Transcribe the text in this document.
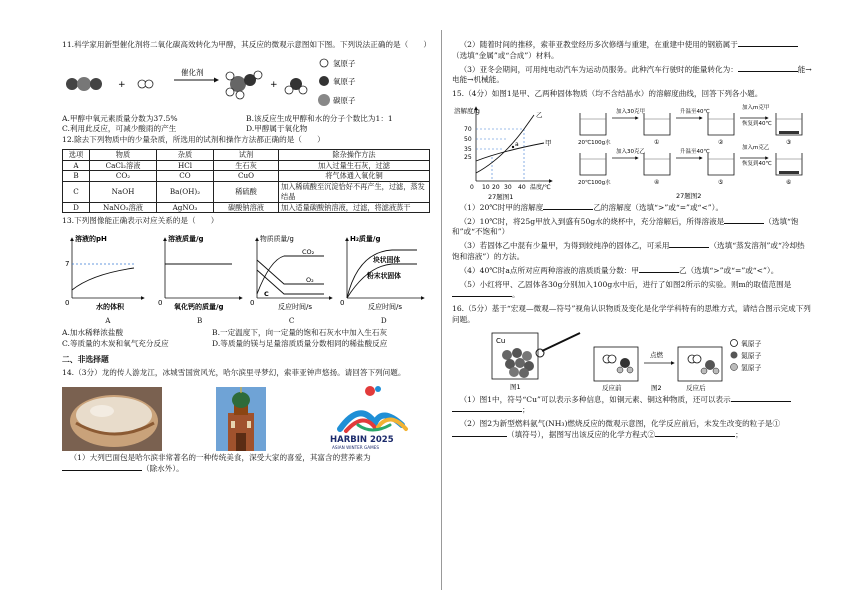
11.科学家用新型催化剂将二氧化碳高效转化为甲醇，其反应的微观示意图如下图。下列说法正确的是（　　）

+
催化剂
+
氢原子
氧原子
碳原子
A.甲醇中氧元素质量分数为37.5%	B.该反应生成甲醇和水的分子个数比为1：1
C.利用此反应，可减少酸雨的产生	D.甲醇属于氧化物

12.除去下列物质中的少量杂质，所选用的试剂和操作方法都正确的是（　　）

选项	物质	杂质	试剂	除杂操作方法
A	CaCl₂溶液	HCl	生石灰	加入过量生石灰，过滤
B	CO₂	CO	CuO	将气体通入氧化铜
C	NaOH	Ba(OH)₂	稀硫酸	加入稀硫酸至沉淀恰好不再产生，过滤，蒸发结晶
D	NaNO₃溶液	AgNO₃	碳酸钠溶液	加入适量碳酸钠溶液，过滤，将滤液蒸干

13.下列图像能正确表示对应关系的是（　　）

溶液的pH
7
0	水的体积
溶液质量/g
0 氧化钙的质量/g
物质质量/g
CO₂
O₂
C
0	反应时间/s
H₂质量/g
块状固体
粉末状固体
0	反应时间/s
A	B	C	D
A.加水稀释浓盐酸	B.一定温度下，向一定量的饱和石灰水中加入生石灰
C.等质量的木炭和氧气充分反应	D.等质量的镁与足量溶质质量分数相同的稀盐酸反应
二、非选择题

14.（3分）龙的传人游龙江，冰城雪国赏风光，哈尔滨里寻梦幻，索菲亚钟声悠扬。请回答下列问题。

HARBIN 2025
ASIAN WINTER GAMES

（1）大列巴面包是哈尔滨非常著名的一种传统美食，深受大家的喜爱，其富含的营养素为（除水外）。

（2）随着时间的推移，索菲亚教堂经历多次修缮与重建，在重建中使用的钢筋属于（选填“金属”或“合成”）材料。

（3）亚冬会期间，可用纯电动汽车为运动员服务。此种汽车行驶时的能量转化为：	能→电能→机械能。

15.（4分）如图1是甲、乙两种固体物质（均不含结晶水）的溶解度曲线，回答下列各小题。

溶解度/g
70
50
35
25
乙
甲
a
0 10 20 30 40 温度/℃
27题图1
20℃100g水
加入30克甲
①
升温至40℃
②
加入m克甲
恢复到40℃
③
20℃100g水
加入30克乙
④
升温至40℃
⑤
加入m克乙
恢复到40℃
⑥
27题图2

（1）20℃时甲的溶解度	乙的溶解度（选填“>”或“=”或“<”）。

（2）10℃时，将25g甲放入到盛有50g水的烧杯中，充分溶解后，所得溶液是	（选填“饱和”或“不饱和”）

（3）若固体乙中混有少量甲，为得到较纯净的固体乙，可采用	（选填“蒸发溶剂”或“冷却热饱和溶液”）的方法。

（4）40℃时a点所对应两种溶液的溶质质量分数：甲	乙（选填“>”或“=”或“<”）。

（5）小红将甲、乙固体各30g分别加入100g水中后，进行了如图2所示的实验。则m的取值范围是。

16.（5分）基于“宏观—微观—符号”视角认识物质及变化是化学学科特有的思维方式，请结合图示完成下列问题。

Cu
图1	反应前
点燃
反应后
图2
氧原子
氮原子
氢原子

（1）图1中，符号“Cu”可以表示多种信息，如铜元素、铜这种物质，还可以表示
；

（2）图2为新型燃料氨气(NH₃)燃烧反应的微观示意图，化学反应前后，未发生改变的粒子是①（填符号），据图写出该反应的化学方程式②	；
